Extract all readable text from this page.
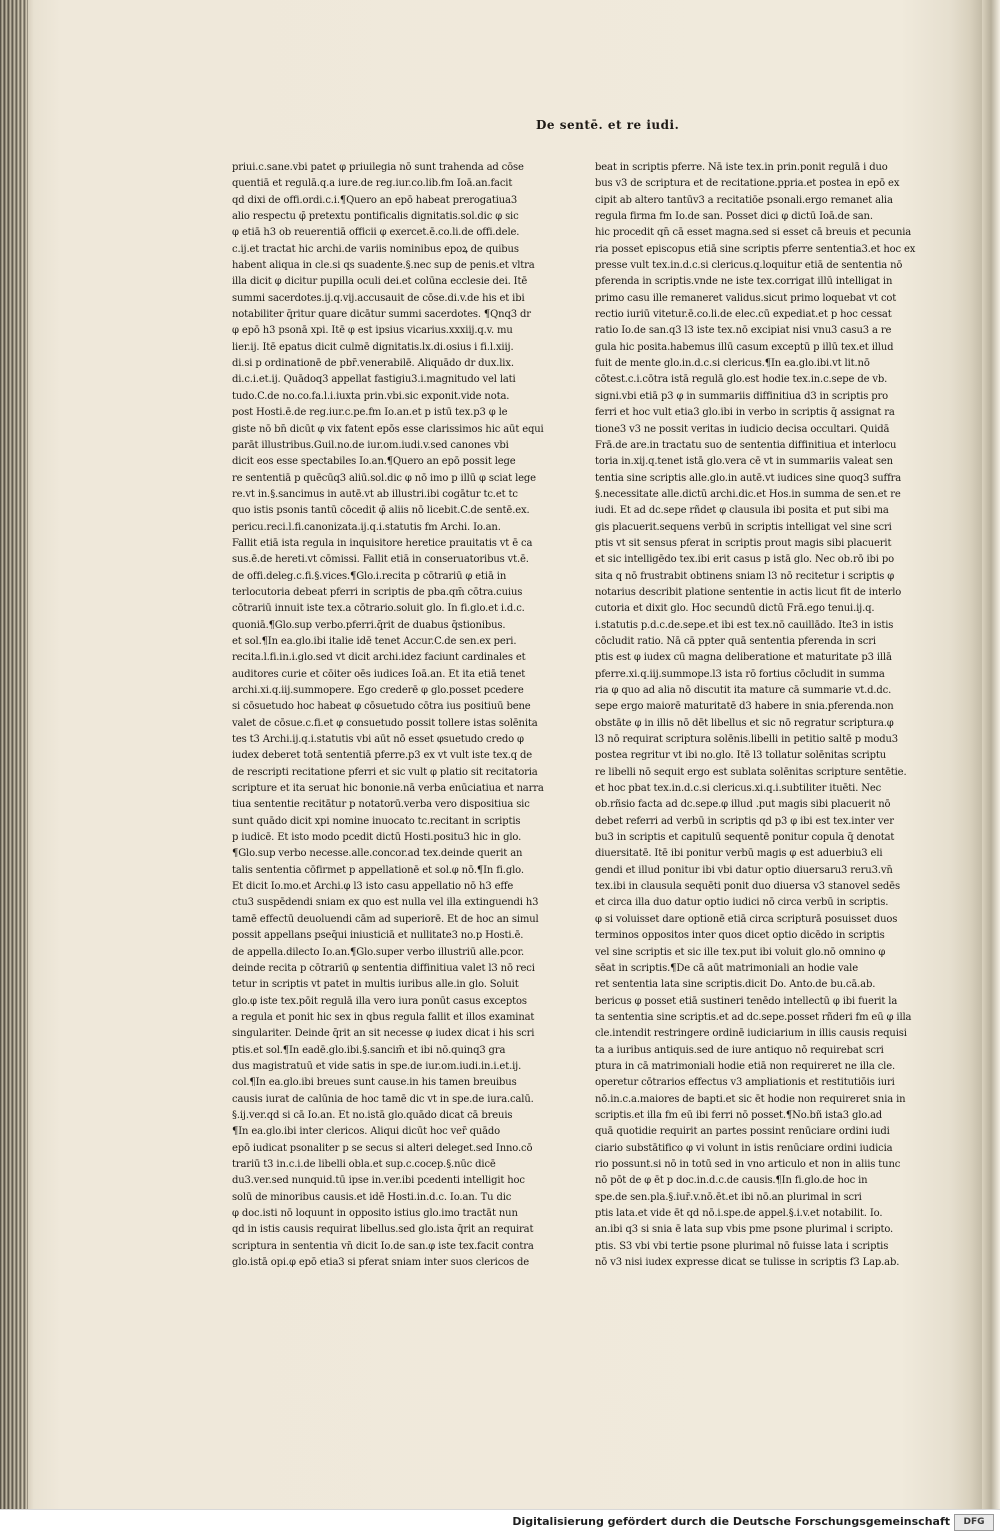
De sentē. et re iudi.
priui.c.sane.vbi patet φ priuilegia nō sunt trahenda ad cōse
quentiā et regulā.q.a iure.de reg.iur.co.lib.fm Ioā.an.facit
qd dixi de offi.ordi.c.i.¶Quero an epō habeat prerogatiua3
alio respectu φ̄ pretextu pontificalis dignitatis.sol.dic φ sic
φ etiā h3 ob reuerentiā officii φ exercet.ē.co.li.de offi.dele.
c.ij.et tractat hic archi.de variis nominibus epoꝝ de quibus
habent aliqua in cle.si qs suadente.§.nec sup de penis.et vltra
illa dicit φ dicitur pupilla oculi dei.et colūna ecclesie dei. Itē
summi sacerdotes.ij.q.vij.accusauit de cōse.di.v.de his et ibi
notabiliter q̄ritur quare dicātur summi sacerdotes. ¶Qnq3 dr
φ epō h3 psonā xpi. Itē φ est ipsius vicarius.xxxiij.q.v. mu
lier.ij. Itē epatus dicit culmē dignitatis.lx.di.osius i fi.l.xiij.
di.si p ordinationē de pbr̄.venerabilē. Aliquādo dr dux.lix.
di.c.i.et.ij. Quādoq3 appellat fastigiu3.i.magnitudo vel lati
tudo.C.de no.co.fa.l.i.iuxta prin.vbi.sic exponit.vide nota.
post Hosti.ē.de reg.iur.c.pe.fm Io.an.et p istū tex.p3 φ le
giste nō bn̄ dicūt φ vix fatent epōs esse clarissimos hic aūt equi
parāt illustribus.Guil.no.de iur.om.iudi.v.sed canones vbi
dicit eos esse spectabiles Io.an.¶Quero an epō possit lege
re sententiā p quēcūq3 aliū.sol.dic φ nō imo p illū φ sciat lege
re.vt in.§.sancimus in autē.vt ab illustri.ibi cogātur tc.et tc
quo istis psonis tantū cōcedit φ̄ aliis nō licebit.C.de sentē.ex.
pericu.reci.l.fi.canonizata.ij.q.i.statutis fm Archi. Io.an.
Fallit etiā ista regula in inquisitore heretice prauitatis vt ē ca
sus.ē.de hereti.vt cōmissi. Fallit etiā in conseruatoribus vt.ē.
de offi.deleg.c.fi.§.vices.¶Glo.i.recita p cōtrariū φ etiā in
terlocutoria debeat pferri in scriptis de pba.qm̄ cōtra.cuius
cōtrariū innuit iste tex.a cōtrario.soluit glo. In fi.glo.et i.d.c.
quoniā.¶Glo.sup verbo.pferri.q̄rit de duabus q̄stionibus.
et sol.¶In ea.glo.ibi italie idē tenet Accur.C.de sen.ex peri.
recita.l.fi.in.i.glo.sed vt dicit archi.idez faciunt cardinales et
auditores curie et cōiter oēs iudices Ioā.an. Et ita etiā tenet
archi.xi.q.iij.summopere. Ego crederē φ glo.posset pcedere
si cōsuetudo hoc habeat φ cōsuetudo cōtra ius positiuū bene
valet de cōsue.c.fi.et φ consuetudo possit tollere istas solēnita
tes t3 Archi.ij.q.i.statutis vbi aūt nō esset φsuetudo credo φ
iudex deberet totā sententiā pferre.p3 ex vt vult iste tex.q de
de rescripti recitatione pferri et sic vult φ platio sit recitatoria
scripture et ita seruat hic bononie.nā verba enūciatiua et narra
tiua sententie recitātur p notatorū.verba vero dispositiua sic
sunt quādo dicit xpi nomine inuocato tc.recitant in scriptis
p iudicē. Et isto modo pcedit dictū Hosti.positu3 hic in glo.
¶Glo.sup verbo necesse.alle.concor.ad tex.deinde querit an
talis sententia cōfirmet p appellationē et sol.φ nō.¶In fi.glo.
Et dicit Io.mo.et Archi.φ l3 isto casu appellatio nō h3 effe
ctu3 suspēdendi sniam ex quo est nulla vel illa extinguendi h3
tamē effectū deuoluendi cām ad superiorē. Et de hoc an simul
possit appellans pseq̄ui iniusticiā et nullitate3 no.p Hosti.ē.
de appella.dilecto Io.an.¶Glo.super verbo illustriū alle.pcor.
deinde recita p cōtrariū φ sententia diffinitiua valet l3 nō reci
tetur in scriptis vt patet in multis iuribus alle.in glo. Soluit
glo.φ iste tex.pōit regulā illa vero iura ponūt casus exceptos
a regula et ponit hic sex in qbus regula fallit et illos examinat
singulariter. Deinde q̄rit an sit necesse φ iudex dicat i his scri
ptis.et sol.¶In eadē.glo.ibi.§.sancim̄ et ibi nō.quinq3 gra
dus magistratuū et vide satis in spe.de iur.om.iudi.in.i.et.ij.
col.¶In ea.glo.ibi breues sunt cause.in his tamen breuibus
causis iurat de calūnia de hoc tamē dic vt in spe.de iura.calū.
§.ij.ver.qd si cā Io.an. Et no.istā glo.quādo dicat cā breuis
¶In ea.glo.ibi inter clericos. Aliqui dicūt hoc ver̄ quādo
epō iudicat psonaliter p se secus si alteri deleget.sed Inno.cō
trariū t3 in.c.i.de libelli obla.et sup.c.cocep.§.nūc dicē
du3.ver.sed nunquid.tū ipse in.ver.ibi pcedenti intelligit hoc
solū de minoribus causis.et idē Hosti.in.d.c. Io.an. Tu dic
φ doc.isti nō loquunt in opposito istius glo.imo tractāt nun
qd in istis causis requirat libellus.sed glo.ista q̄rit an requirat
scriptura in sententia vn̄ dicit Io.de san.φ iste tex.facit contra
glo.istā opi.φ epō etia3 si pferat sniam inter suos clericos de
beat in scriptis pferre. Nā iste tex.in prin.ponit regulā i duo
bus v3 de scriptura et de recitatione.ppria.et postea in epō ex
cipit ab altero tantūv3 a recitatiōe psonali.ergo remanet alia
regula firma fm Io.de san. Posset dici φ dictū Ioā.de san.
hic procedit qn̄ cā esset magna.sed si esset cā breuis et pecunia
ria posset episcopus etiā sine scriptis pferre sententia3.et hoc ex
presse vult tex.in.d.c.si clericus.q.loquitur etiā de sententia nō
pferenda in scriptis.vnde ne iste tex.corrigat illū intelligat in
primo casu ille remaneret validus.sicut primo loquebat vt cot
rectio iuriū vitetur.ē.co.li.de elec.cū expediat.et p hoc cessat
ratio Io.de san.q3 l3 iste tex.nō excipiat nisi vnu3 casu3 a re
gula hic posita.habemus illū casum exceptū p illū tex.et illud
fuit de mente glo.in.d.c.si clericus.¶In ea.glo.ibi.vt lit.nō
cōtest.c.i.cōtra istā regulā glo.est hodie tex.in.c.sepe de vb.
signi.vbi etiā p3 φ in summariis diffinitiua d3 in scriptis pro
ferri et hoc vult etia3 glo.ibi in verbo in scriptis q̄ assignat ra
tione3 v3 ne possit veritas in iudicio decisa occultari. Quidā
Frā.de are.in tractatu suo de sententia diffinitiua et interlocu
toria in.xij.q.tenet istā glo.vera cē vt in summariis valeat sen
tentia sine scriptis alle.glo.in autē.vt iudices sine quoq3 suffra
§.necessitate alle.dictū archi.dic.et Hos.in summa de sen.et re
iudi. Et ad dc.sepe rñdet φ clausula ibi posita et put sibi ma
gis placuerit.sequens verbū in scriptis intelligat vel sine scri
ptis vt sit sensus pferat in scriptis prout magis sibi placuerit
et sic intelligēdo tex.ibi erit casus p istā glo. Nec ob.rō ibi po
sita q nō frustrabit obtinens sniam l3 nō recitetur i scriptis φ
notarius describit platione sententie in actis licut fit de interlo
cutoria et dixit glo. Hoc secundū dictū Frā.ego tenui.ij.q.
i.statutis p.d.c.de.sepe.et ibi est tex.nō cauillādo. Ite3 in istis
cōcludit ratio. Nā cā ppter quā sententia pferenda in scri
ptis est φ iudex cū magna deliberatione et maturitate p3 illā
pferre.xi.q.iij.summope.l3 ista rō fortius cōcludit in summa
ria φ quo ad alia nō discutit ita mature cā summarie vt.d.dc.
sepe ergo maiorē maturitatē d3 habere in snia.pferenda.non
obstāte φ in illis nō dēt libellus et sic nō regratur scriptura.φ
l3 nō requirat scriptura solēnis.libelli in petitio saltē p modu3
postea regritur vt ibi no.glo. Itē l3 tollatur solēnitas scriptu
re libelli nō sequit ergo est sublata solēnitas scripture sentētie.
et hoc pbat tex.in.d.c.si clericus.xi.q.i.subtiliter ituēti. Nec
ob.rñsio facta ad dc.sepe.φ illud .put magis sibi placuerit nō
debet referri ad verbū in scriptis qd p3 φ ibi est tex.inter ver
bu3 in scriptis et capitulū sequentē ponitur copula q̄ denotat
diuersitatē. Itē ibi ponitur verbū magis φ est aduerbiu3 eli
gendi et illud ponitur ibi vbi datur optio diuersaru3 reru3.vn̄
tex.ibi in clausula sequēti ponit duo diuersa v3 stanovel sedēs
et circa illa duo datur optio iudici nō circa verbū in scriptis.
φ si voluisset dare optionē etiā circa scripturā posuisset duos
terminos oppositos inter quos dicet optio dicēdo in scriptis
vel sine scriptis et sic ille tex.put ibi voluit glo.nō omnino φ
sēat in scriptis.¶De cā aūt matrimoniali an hodie vale
ret sententia lata sine scriptis.dicit Do. Anto.de bu.cā.ab.
bericus φ posset etiā sustineri tenēdo intellectū φ ibi fuerit la
ta sententia sine scriptis.et ad dc.sepe.posset rñderi fm eū φ illa
cle.intendit restringere ordinē iudiciarium in illis causis requisi
ta a iuribus antiquis.sed de iure antiquo nō requirebat scri
ptura in cā matrimoniali hodie etiā non requireret ne illa cle.
operetur cōtrarios effectus v3 ampliationis et restitutiōis iuri
nō.in.c.a.maiores de bapti.et sic ēt hodie non requireret snia in
scriptis.et illa fm eū ibi ferri nō posset.¶No.bñ ista3 glo.ad
quā quotidie requirit an partes possint renūciare ordini iudi
ciario substātifico φ vi volunt in istis renūciare ordini iudicia
rio possunt.si nō in totū sed in vno articulo et non in aliis tunc
nō pōt de φ ēt p doc.in.d.c.de causis.¶In fi.glo.de hoc in
spe.de sen.pla.§.iur̄.v.nō.ēt.et ibi nō.an plurimal in scri
ptis lata.et vide ēt qd nō.i.spe.de appel.§.i.v.et notabilit. Io.
an.ibi q3 si snia ē lata sup vbis pme psone plurimal i scripto.
ptis. S3 vbi vbi tertie psone plurimal nō fuisse lata i scriptis
nō v3 nisi iudex expresse dicat se tulisse in scriptis f3 Lap.ab.
Digitalisierung gefördert durch die Deutsche Forschungsgemeinschaft	DFG
